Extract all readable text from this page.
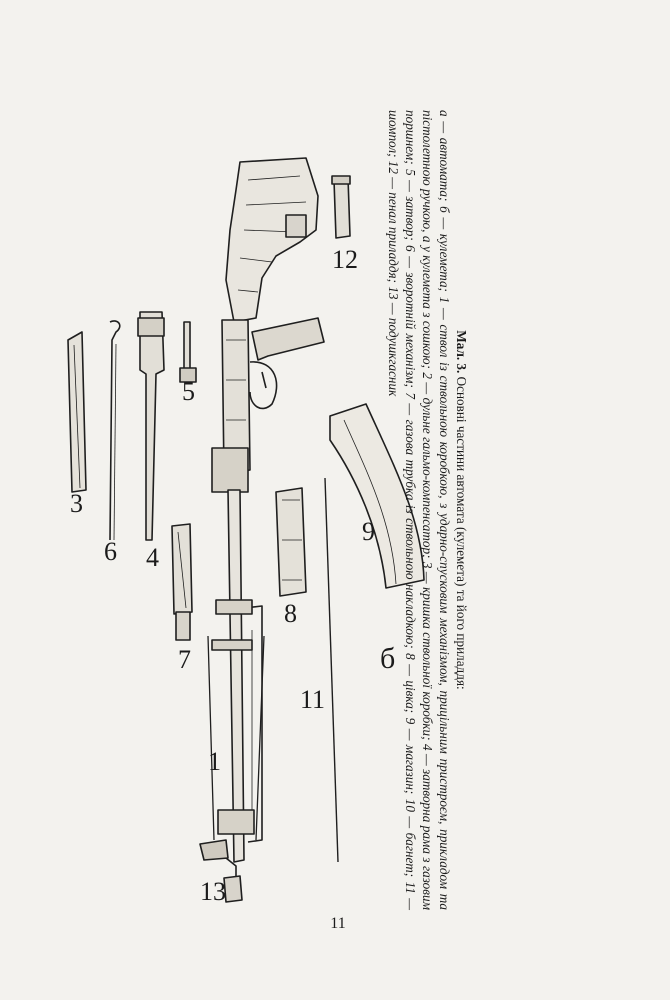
1
3
4
5
6
7
8
9
11
12
13
б
Мал. 3. Основні частини автомата (кулемета) та його приладдя:
а — автомата; б — кулемета; 1 — ствол із ствольною коробкою, з ударно-спусковим механізмом, прицільним пристроєм, прикладом та пістолетною ручкою, а у кулемета з сошкою; 2 — дульне гальмо-компенсатор; 3 — кришка ствольної коробки; 4 — затворна рама з газовим поршнем; 5 — затвор; 6 — зворотній механізм; 7 — газова трубка із ствольною накладкою; 8 — цівка; 9 — магазин; 10 — багнет; 11 — шомпол; 12 — пенал приладдя; 13 — подушкгасник
11
